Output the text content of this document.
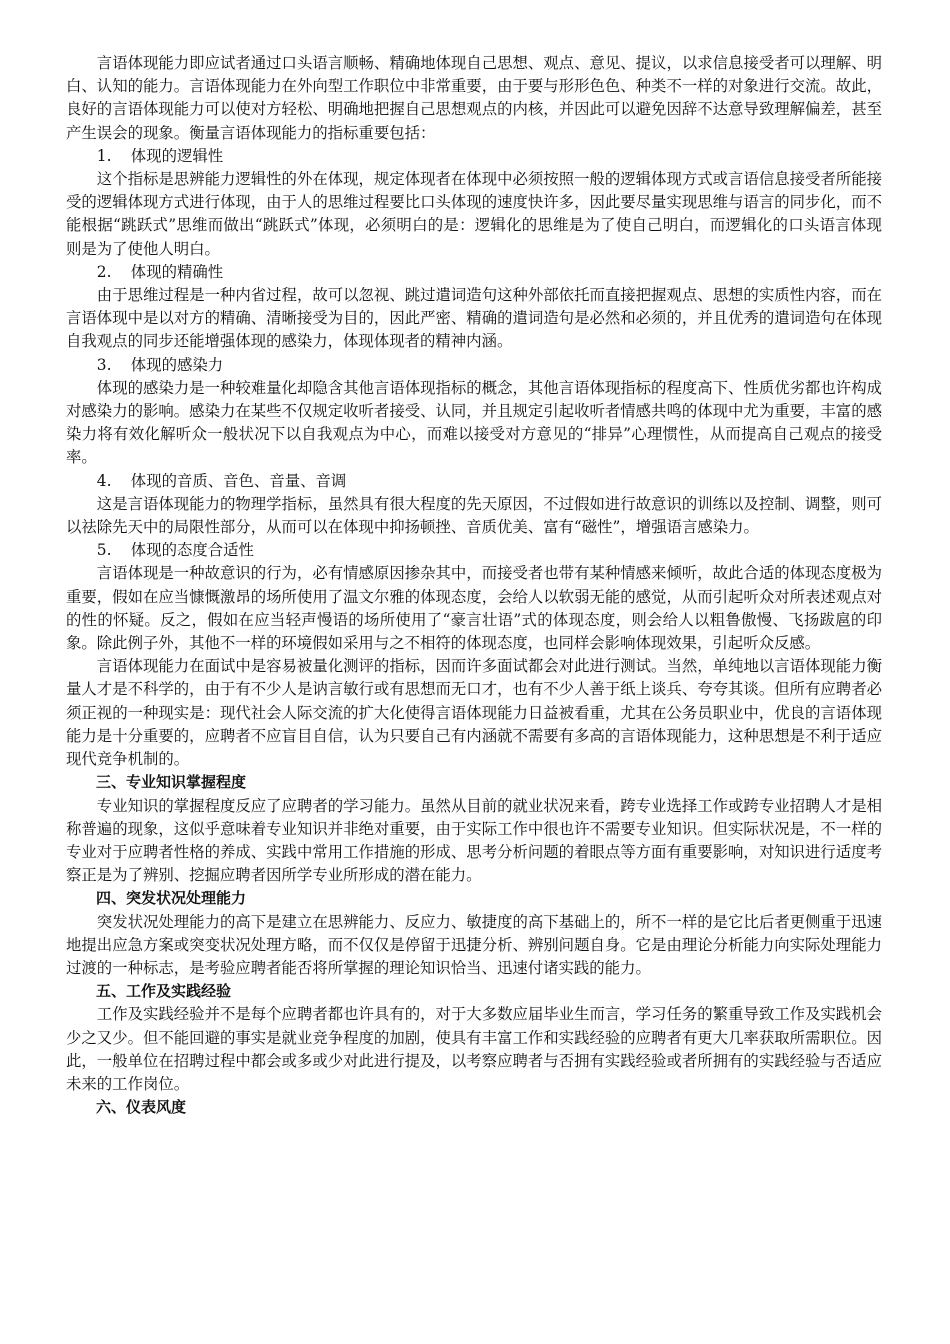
言语体现能力即应试者通过口头语言顺畅、精确地体现自己思想、观点、意见、提议，以求信息接受者可以理解、明白、认知的能力。言语体现能力在外向型工作职位中非常重要，由于要与形形色色、种类不一样的对象进行交流。故此，良好的言语体现能力可以使对方轻松、明确地把握自己思想观点的内核，并因此可以避免因辞不达意导致理解偏差，甚至产生误会的现象。衡量言语体现能力的指标重要包括：

1. 体现的逻辑性

这个指标是思辨能力逻辑性的外在体现，规定体现者在体现中必须按照一般的逻辑体现方式或言语信息接受者所能接受的逻辑体现方式进行体现，由于人的思维过程要比口头体现的速度快许多，因此要尽量实现思维与语言的同步化，而不能根据“跳跃式”思维而做出“跳跃式”体现，必须明白的是：逻辑化的思维是为了使自己明白，而逻辑化的口头语言体现则是为了使他人明白。

2. 体现的精确性

由于思维过程是一种内省过程，故可以忽视、跳过遣词造句这种外部依托而直接把握观点、思想的实质性内容，而在言语体现中是以对方的精确、清晰接受为目的，因此严密、精确的遣词造句是必然和必须的，并且优秀的遣词造句在体现自我观点的同步还能增强体现的感染力，体现体现者的精神内涵。

3. 体现的感染力

体现的感染力是一种较难量化却隐含其他言语体现指标的概念，其他言语体现指标的程度高下、性质优劣都也许构成对感染力的影响。感染力在某些不仅规定收听者接受、认同，并且规定引起收听者情感共鸣的体现中尤为重要，丰富的感染力将有效化解听众一般状况下以自我观点为中心，而难以接受对方意见的“排异”心理惯性，从而提高自己观点的接受率。

4. 体现的音质、音色、音量、音调

这是言语体现能力的物理学指标，虽然具有很大程度的先天原因，不过假如进行故意识的训练以及控制、调整，则可以祛除先天中的局限性部分，从而可以在体现中抑扬顿挫、音质优美、富有“磁性”，增强语言感染力。

5. 体现的态度合适性

言语体现是一种故意识的行为，必有情感原因掺杂其中，而接受者也带有某种情感来倾听，故此合适的体现态度极为重要，假如在应当慷慨激昂的场所使用了温文尔雅的体现态度，会给人以软弱无能的感觉，从而引起听众对所表述观点对的性的怀疑。反之，假如在应当轻声慢语的场所使用了“豪言壮语”式的体现态度，则会给人以粗鲁傲慢、飞扬跋扈的印象。除此例子外，其他不一样的环境假如采用与之不相符的体现态度，也同样会影响体现效果，引起听众反感。

言语体现能力在面试中是容易被量化测评的指标，因而许多面试都会对此进行测试。当然，单纯地以言语体现能力衡量人才是不科学的，由于有不少人是讷言敏行或有思想而无口才，也有不少人善于纸上谈兵、夸夸其谈。但所有应聘者必须正视的一种现实是：现代社会人际交流的扩大化使得言语体现能力日益被看重，尤其在公务员职业中，优良的言语体现能力是十分重要的，应聘者不应盲目自信，认为只要自己有内涵就不需要有多高的言语体现能力，这种思想是不利于适应现代竞争机制的。

三、专业知识掌握程度

专业知识的掌握程度反应了应聘者的学习能力。虽然从目前的就业状况来看，跨专业选择工作或跨专业招聘人才是相称普遍的现象，这似乎意味着专业知识并非绝对重要，由于实际工作中很也许不需要专业知识。但实际状况是，不一样的专业对于应聘者性格的养成、实践中常用工作措施的形成、思考分析问题的着眼点等方面有重要影响，对知识进行适度考察正是为了辨别、挖掘应聘者因所学专业所形成的潜在能力。

四、突发状况处理能力

突发状况处理能力的高下是建立在思辨能力、反应力、敏捷度的高下基础上的，所不一样的是它比后者更侧重于迅速地提出应急方案或突变状况处理方略，而不仅仅是停留于迅捷分析、辨别问题自身。它是由理论分析能力向实际处理能力过渡的一种标志，是考验应聘者能否将所掌握的理论知识恰当、迅速付诸实践的能力。

五、工作及实践经验

工作及实践经验并不是每个应聘者都也许具有的，对于大多数应届毕业生而言，学习任务的繁重导致工作及实践机会少之又少。但不能回避的事实是就业竞争程度的加剧，使具有丰富工作和实践经验的应聘者有更大几率获取所需职位。因此，一般单位在招聘过程中都会或多或少对此进行提及，以考察应聘者与否拥有实践经验或者所拥有的实践经验与否适应未来的工作岗位。

六、仪表风度
